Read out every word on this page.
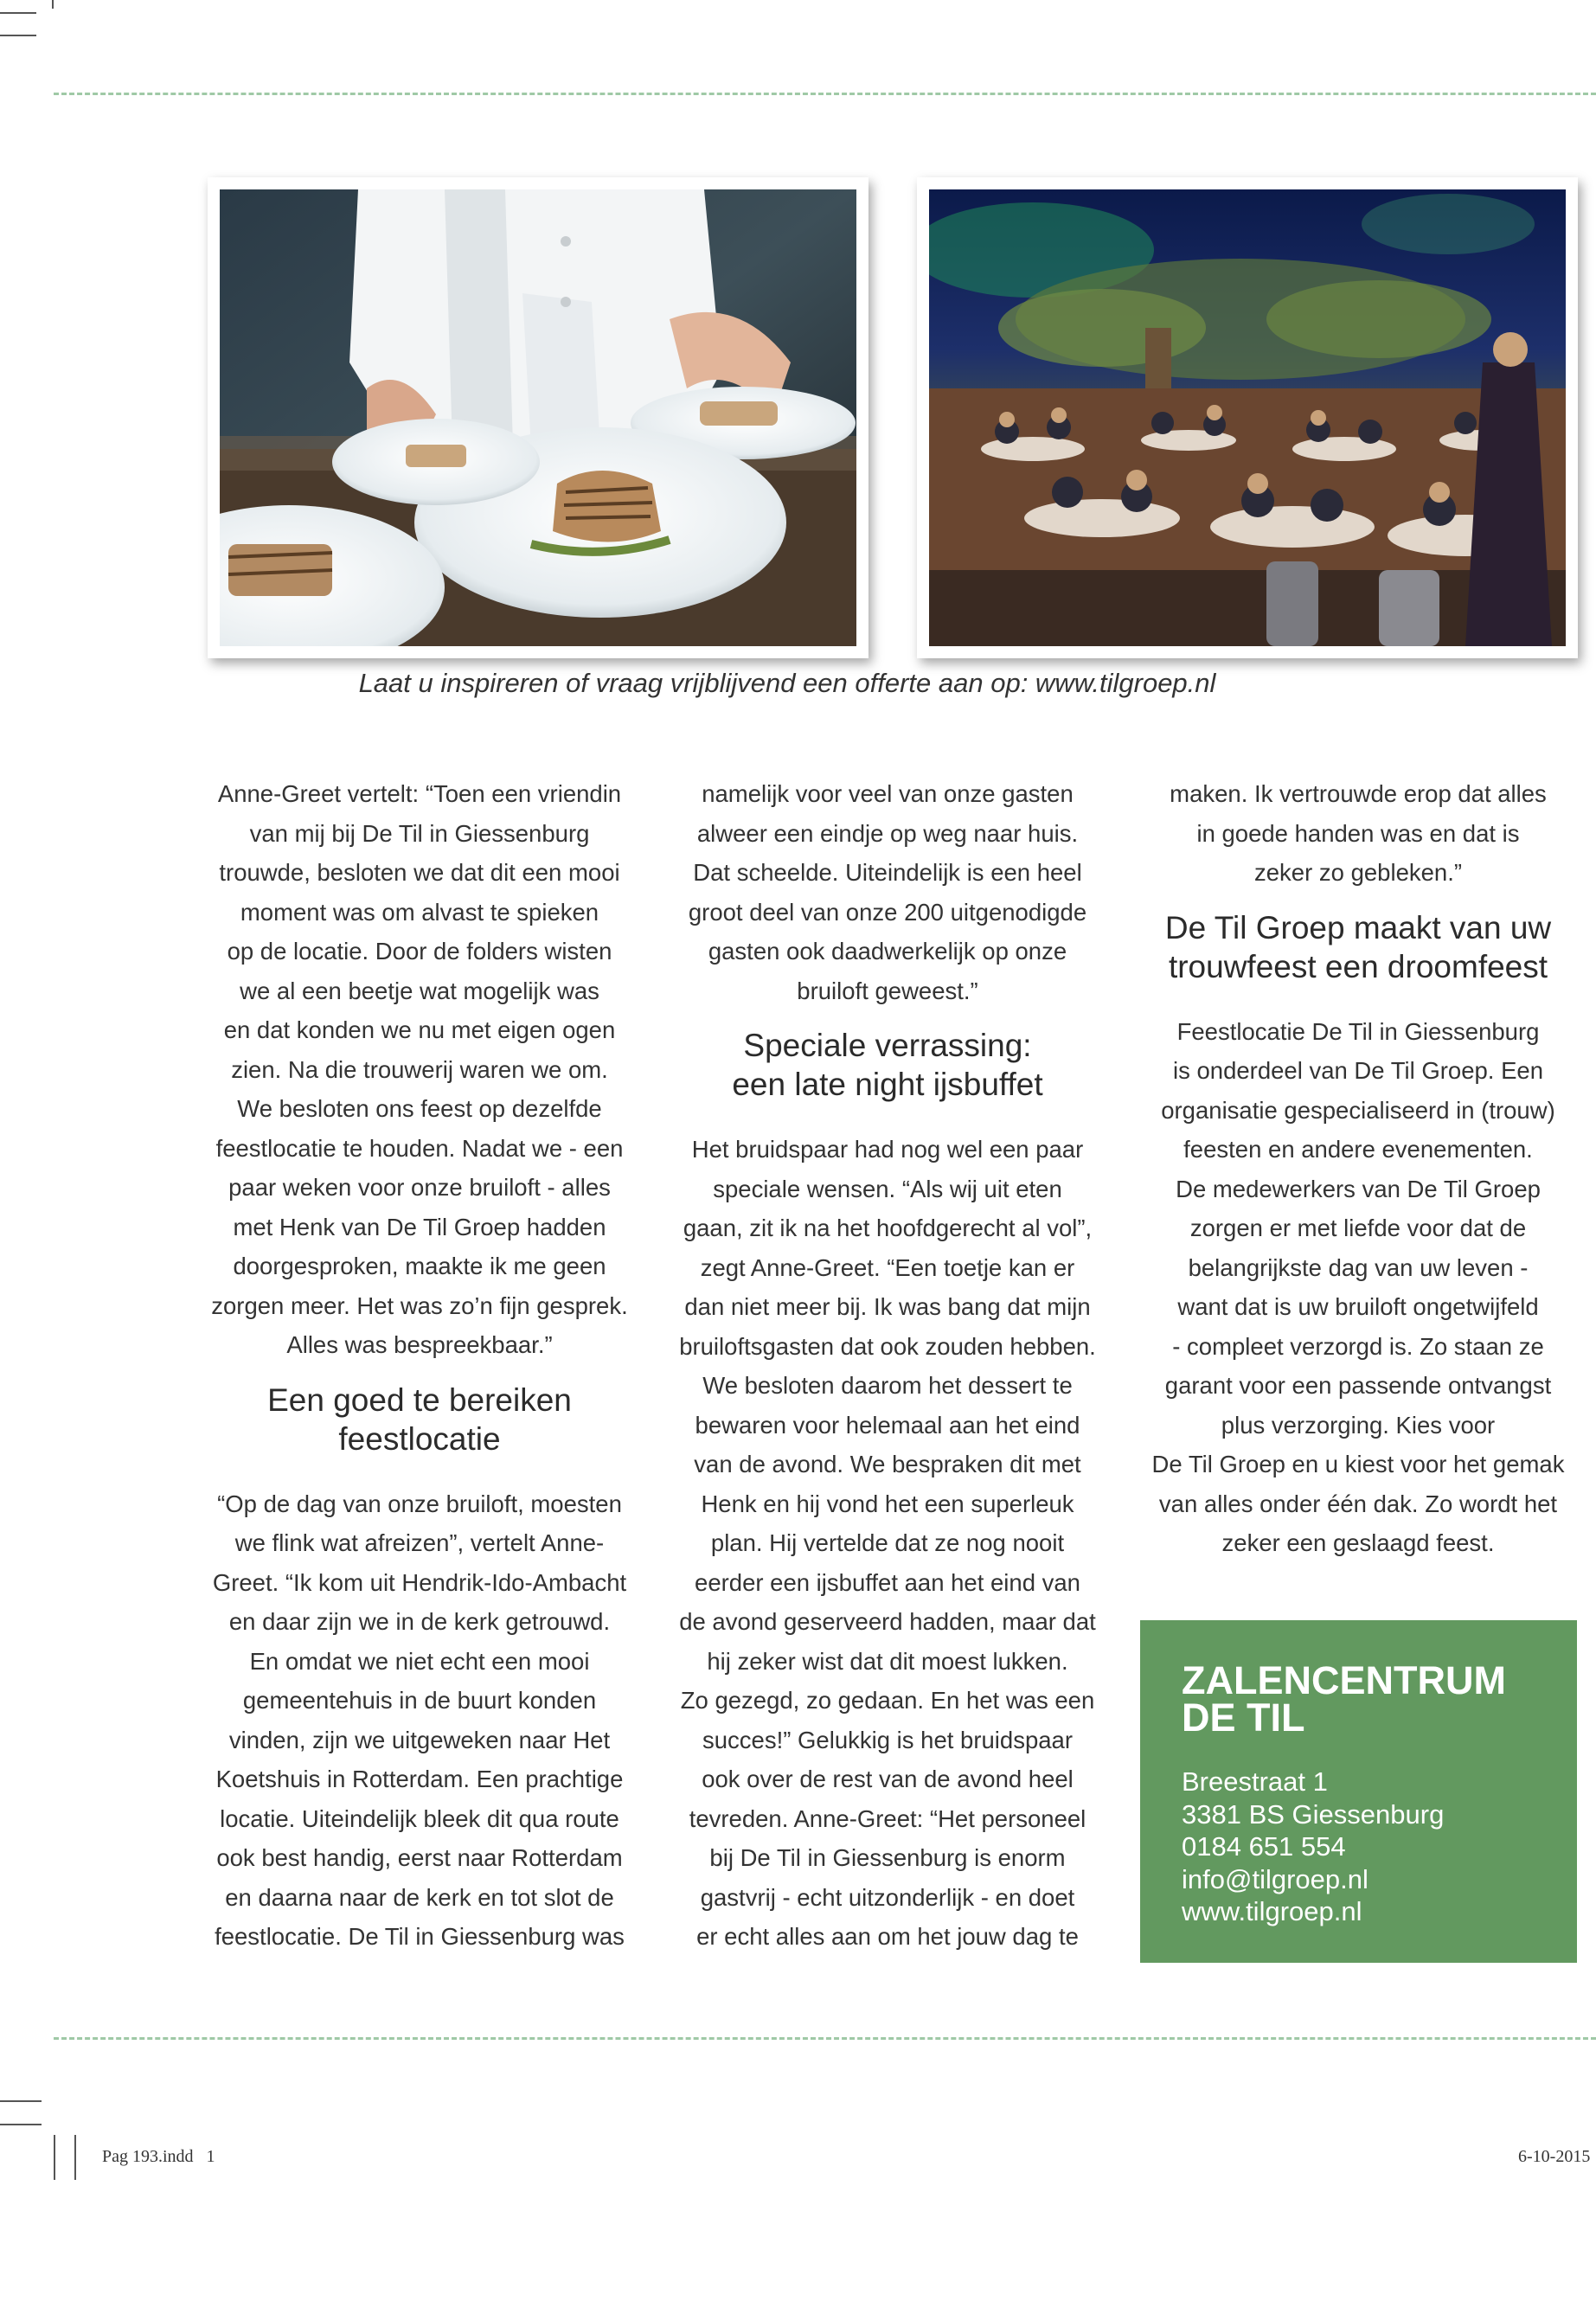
Laat u inspireren of vraag vrijblijvend een offerte aan op: www.tilgroep.nl

Anne-Greet vertelt: “Toen een vriendin
van mij bij De Til in Giessenburg
trouwde, besloten we dat dit een mooi
moment was om alvast te spieken
op de locatie. Door de folders wisten
we al een beetje wat mogelijk was
en dat konden we nu met eigen ogen
zien. Na die trouwerij waren we om.
We besloten ons feest op dezelfde
feestlocatie te houden. Nadat we - een
paar weken voor onze bruiloft - alles
met Henk van De Til Groep hadden
doorgesproken, maakte ik me geen
zorgen meer. Het was zo’n fijn gesprek.
Alles was bespreekbaar.”

Een goed te bereiken
feestlocatie

“Op de dag van onze bruiloft, moesten
we flink wat afreizen”, vertelt Anne-
Greet. “Ik kom uit Hendrik-Ido-Ambacht
en daar zijn we in de kerk getrouwd.
En omdat we niet echt een mooi
gemeentehuis in de buurt konden
vinden, zijn we uitgeweken naar Het
Koetshuis in Rotterdam. Een prachtige
locatie. Uiteindelijk bleek dit qua route
ook best handig, eerst naar Rotterdam
en daarna naar de kerk en tot slot de
feestlocatie. De Til in Giessenburg was

namelijk voor veel van onze gasten
alweer een eindje op weg naar huis.
Dat scheelde. Uiteindelijk is een heel
groot deel van onze 200 uitgenodigde
gasten ook daadwerkelijk op onze
bruiloft geweest.”

Speciale verrassing:
een late night ijsbuffet

Het bruidspaar had nog wel een paar
speciale wensen. “Als wij uit eten
gaan, zit ik na het hoofdgerecht al vol”,
zegt Anne-Greet. “Een toetje kan er
dan niet meer bij. Ik was bang dat mijn
bruiloftsgasten dat ook zouden hebben.
We besloten daarom het dessert te
bewaren voor helemaal aan het eind
van de avond. We bespraken dit met
Henk en hij vond het een superleuk
plan. Hij vertelde dat ze nog nooit
eerder een ijsbuffet aan het eind van
de avond geserveerd hadden, maar dat
hij zeker wist dat dit moest lukken.
Zo gezegd, zo gedaan. En het was een
succes!” Gelukkig is het bruidspaar
ook over de rest van de avond heel
tevreden. Anne-Greet: “Het personeel
bij De Til in Giessenburg is enorm
gastvrij - echt uitzonderlijk - en doet
er echt alles aan om het jouw dag te

maken. Ik vertrouwde erop dat alles
in goede handen was en dat is
zeker zo gebleken.”

De Til Groep maakt van uw
trouwfeest een droomfeest

Feestlocatie De Til in Giessenburg
is onderdeel van De Til Groep. Een
organisatie gespecialiseerd in (trouw)
feesten en andere evenementen.
De medewerkers van De Til Groep
zorgen er met liefde voor dat de
belangrijkste dag van uw leven -
want dat is uw bruiloft ongetwijfeld
- compleet verzorgd is. Zo staan ze
garant voor een passende ontvangst
plus verzorging. Kies voor
De Til Groep en u kiest voor het gemak
van alles onder één dak. Zo wordt het
zeker een geslaagd feest.

ZALENCENTRUM
DE TIL
Breestraat 1
3381 BS Giessenburg
0184 651 554
info@tilgroep.nl
www.tilgroep.nl
Pag 193.indd   1	6-10-2015
